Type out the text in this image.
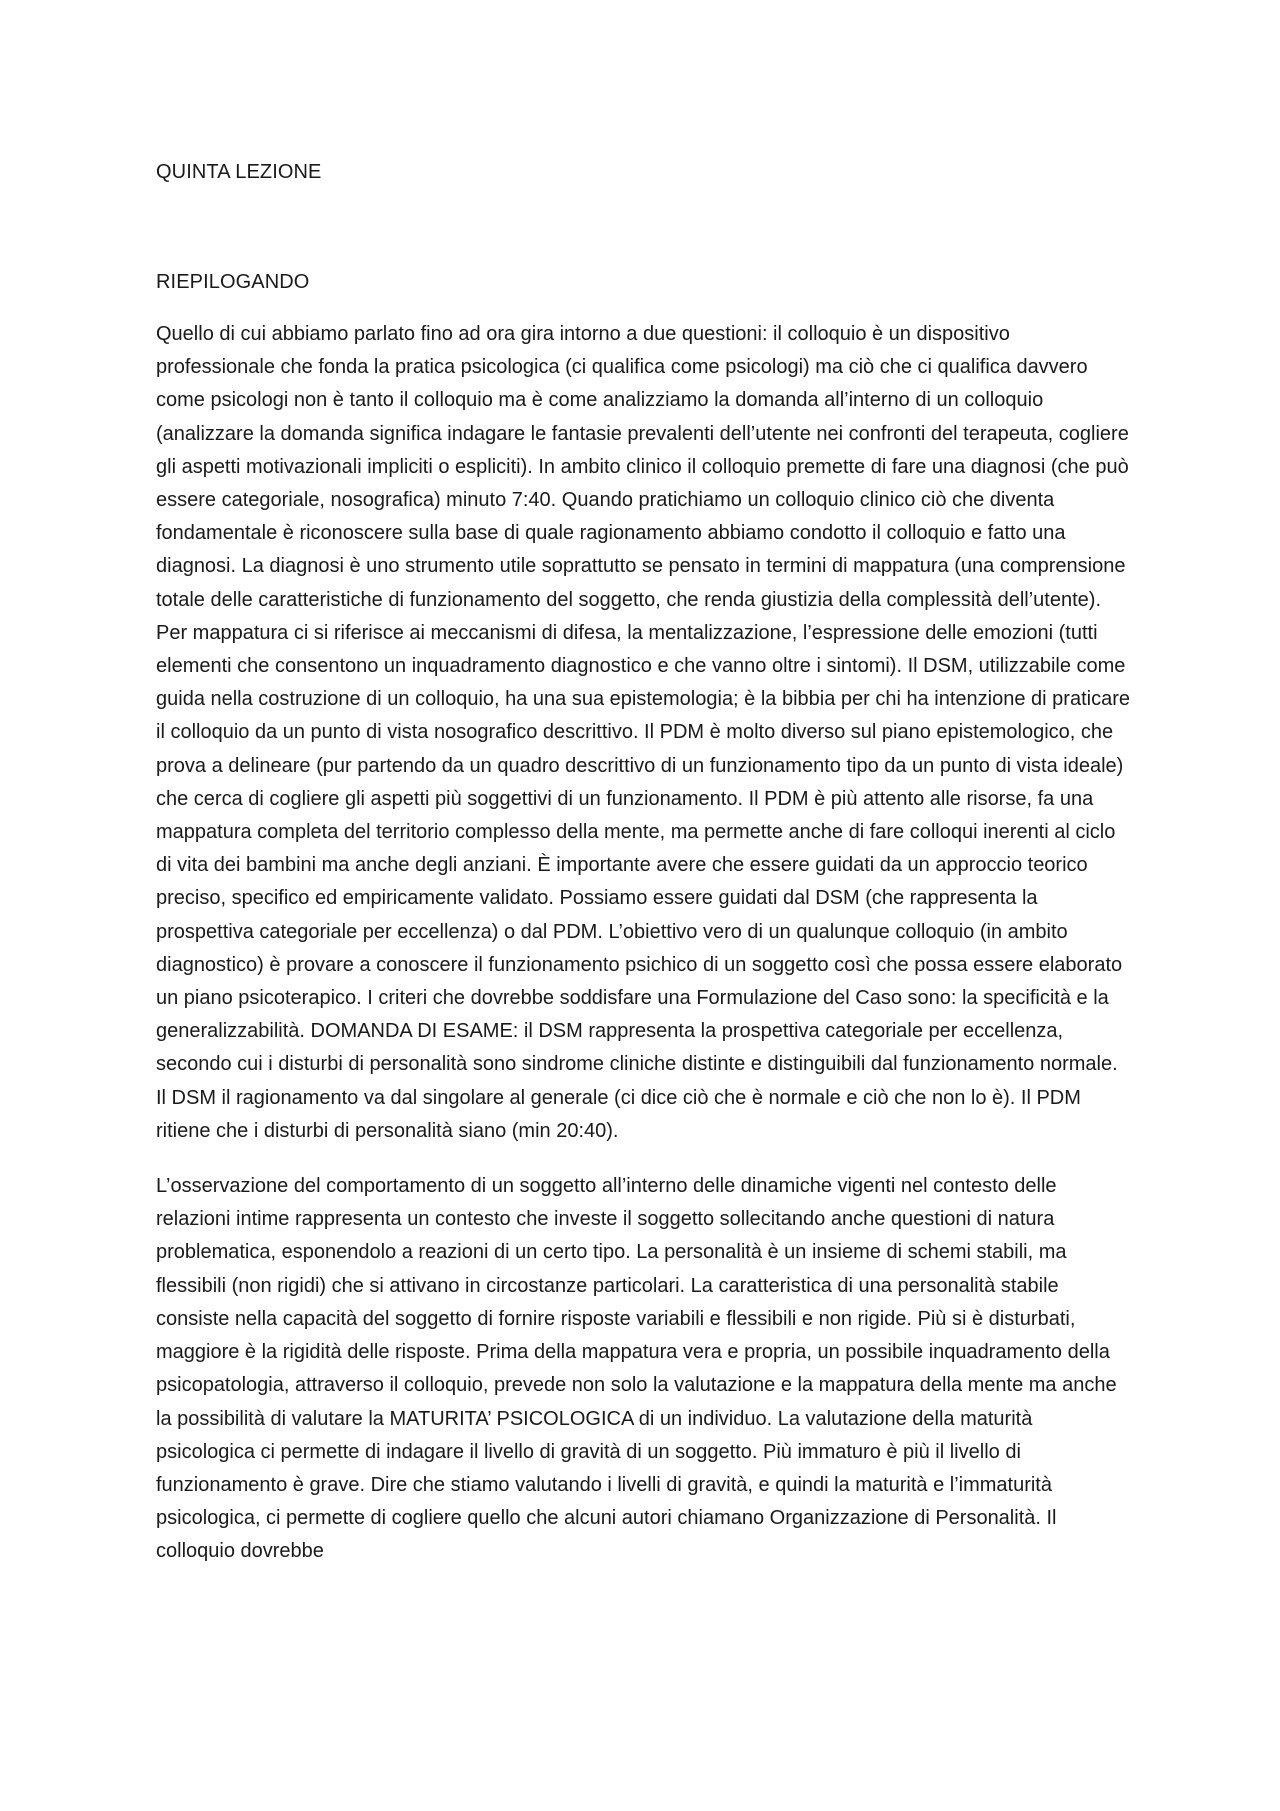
QUINTA LEZIONE
RIEPILOGANDO

Quello di cui abbiamo parlato fino ad ora gira intorno a due questioni: il colloquio è un dispositivo professionale che fonda la pratica psicologica (ci qualifica come psicologi) ma ciò che ci qualifica davvero come psicologi non è tanto il colloquio ma è come analizziamo la domanda all’interno di un colloquio (analizzare la domanda significa indagare le fantasie prevalenti dell’utente nei confronti del terapeuta, cogliere gli aspetti motivazionali impliciti o espliciti). In ambito clinico il colloquio premette di fare una diagnosi (che può essere categoriale, nosografica) minuto 7:40. Quando pratichiamo un colloquio clinico ciò che diventa fondamentale è riconoscere sulla base di quale ragionamento abbiamo condotto il colloquio e fatto una diagnosi. La diagnosi è uno strumento utile soprattutto se pensato in termini di mappatura (una comprensione totale delle caratteristiche di funzionamento del soggetto, che renda giustizia della complessità dell’utente). Per mappatura ci si riferisce ai meccanismi di difesa, la mentalizzazione, l’espressione delle emozioni (tutti elementi che consentono un inquadramento diagnostico e che vanno oltre i sintomi). Il DSM, utilizzabile come guida nella costruzione di un colloquio, ha una sua epistemologia; è la bibbia per chi ha intenzione di praticare il colloquio da un punto di vista nosografico descrittivo. Il PDM è molto diverso sul piano epistemologico, che prova a delineare (pur partendo da un quadro descrittivo di un funzionamento tipo da un punto di vista ideale) che cerca di cogliere gli aspetti più soggettivi di un funzionamento. Il PDM è più attento alle risorse, fa una mappatura completa del territorio complesso della mente, ma permette anche di fare colloqui inerenti al ciclo di vita dei bambini ma anche degli anziani. È importante avere che essere guidati da un approccio teorico preciso, specifico ed empiricamente validato. Possiamo essere guidati dal DSM (che rappresenta la prospettiva categoriale per eccellenza) o dal PDM. L’obiettivo vero di un qualunque colloquio (in ambito diagnostico) è provare a conoscere il funzionamento psichico di un soggetto così che possa essere elaborato un piano psicoterapico. I criteri che dovrebbe soddisfare una Formulazione del Caso sono: la specificità e la generalizzabilità. DOMANDA DI ESAME: il DSM rappresenta la prospettiva categoriale per eccellenza, secondo cui i disturbi di personalità sono sindrome cliniche distinte e distinguibili dal funzionamento normale. Il DSM il ragionamento va dal singolare al generale (ci dice ciò che è normale e ciò che non lo è). Il PDM ritiene che i disturbi di personalità siano (min 20:40).

L’osservazione del comportamento di un soggetto all’interno delle dinamiche vigenti nel contesto delle relazioni intime rappresenta un contesto che investe il soggetto sollecitando anche questioni di natura problematica, esponendolo a reazioni di un certo tipo. La personalità è un insieme di schemi stabili, ma flessibili (non rigidi) che si attivano in circostanze particolari. La caratteristica di una personalità stabile consiste nella capacità del soggetto di fornire risposte variabili e flessibili e non rigide. Più si è disturbati, maggiore è la rigidità delle risposte. Prima della mappatura vera e propria, un possibile inquadramento della psicopatologia, attraverso il colloquio, prevede non solo la valutazione e la mappatura della mente ma anche la possibilità di valutare la MATURITA’ PSICOLOGICA di un individuo. La valutazione della maturità psicologica ci permette di indagare il livello di gravità di un soggetto. Più immaturo è più il livello di funzionamento è grave. Dire che stiamo valutando i livelli di gravità, e quindi la maturità e l’immaturità psicologica, ci permette di cogliere quello che alcuni autori chiamano Organizzazione di Personalità. Il colloquio dovrebbe
